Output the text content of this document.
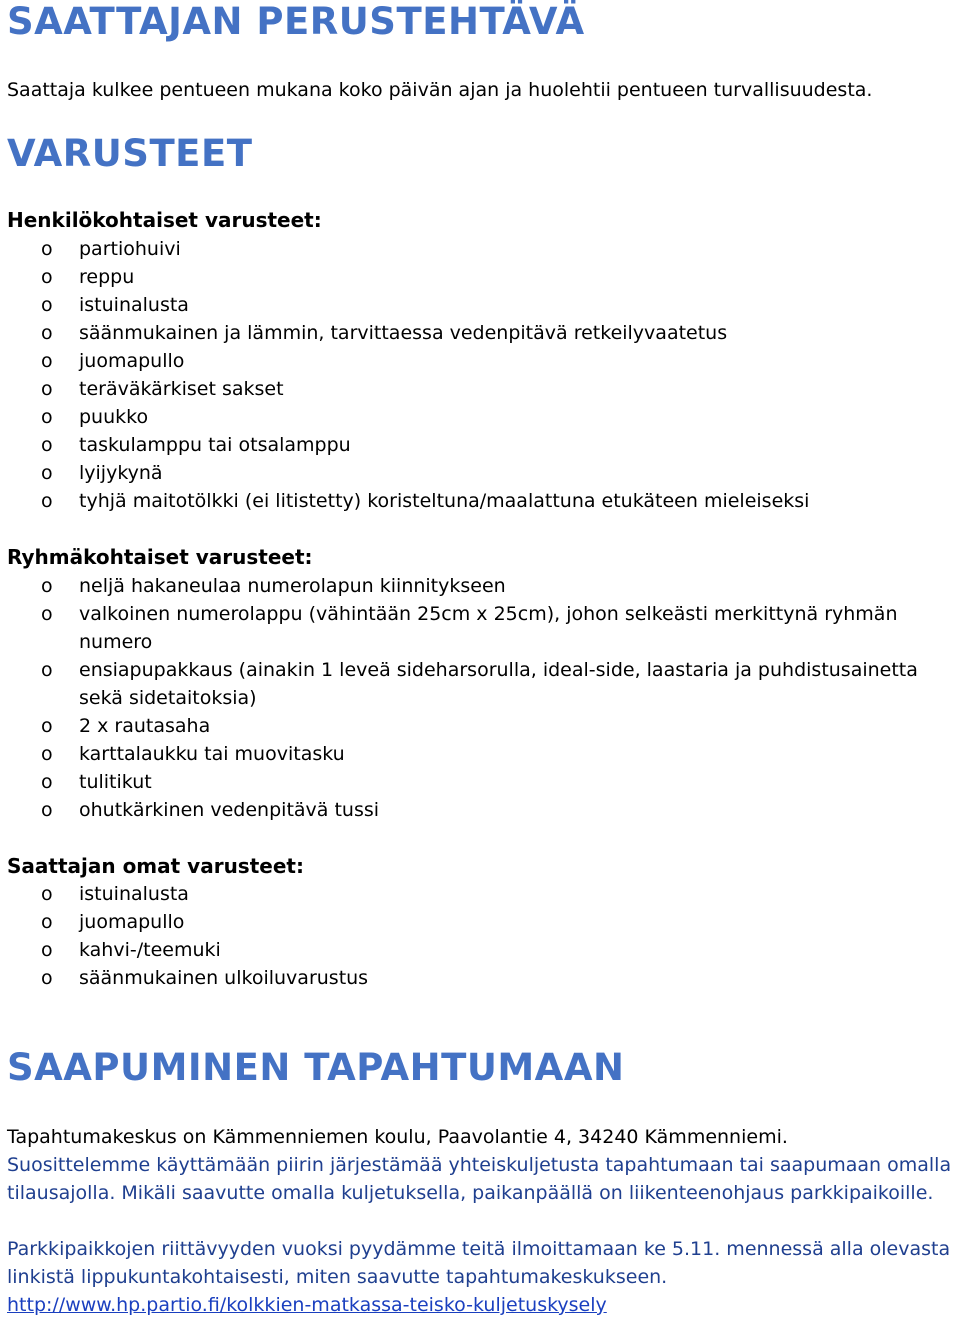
SAATTAJAN PERUSTEHTÄVÄ

Saattaja kulkee pentueen mukana koko päivän ajan ja huolehtii pentueen turvallisuudesta.

VARUSTEET
Henkilökohtaiset varusteet:
o partiohuivi
o reppu
o istuinalusta
o säänmukainen ja lämmin, tarvittaessa vedenpitävä retkeilyvaatetus
o juomapullo
o teräväkärkiset sakset
o puukko
o taskulamppu tai otsalamppu
o lyijykynä
o tyhjä maitotölkki (ei litistetty) koristeltuna/maalattuna etukäteen mieleiseksi
Ryhmäkohtaiset varusteet:
o neljä hakaneulaa numerolapun kiinnitykseen
o valkoinen numerolappu (vähintään 25cm x 25cm), johon selkeästi merkittynä ryhmän numero
o ensiapupakkaus (ainakin 1 leveä sideharsorulla, ideal-side, laastaria ja puhdistusainetta sekä sidetaitoksia)
o 2 x rautasaha
o karttalaukku tai muovitasku
o tulitikut
o ohutkärkinen vedenpitävä tussi
Saattajan omat varusteet:
o istuinalusta
o juomapullo
o kahvi-/teemuki
o säänmukainen ulkoiluvarustus
SAAPUMINEN TAPAHTUMAAN

Tapahtumakeskus on Kämmenniemen koulu, Paavolantie 4, 34240 Kämmenniemi.

Suosittelemme käyttämään piirin järjestämää yhteiskuljetusta tapahtumaan tai saapumaan omalla

tilausajolla. Mikäli saavutte omalla kuljetuksella, paikanpäällä on liikenteenohjaus parkkipaikoille.

Parkkipaikkojen riittävyyden vuoksi pyydämme teitä ilmoittamaan ke 5.11. mennessä alla olevasta

linkistä lippukuntakohtaisesti, miten saavutte tapahtumakeskukseen.

http://www.hp.partio.fi/kolkkien-matkassa-teisko-kuljetuskysely
